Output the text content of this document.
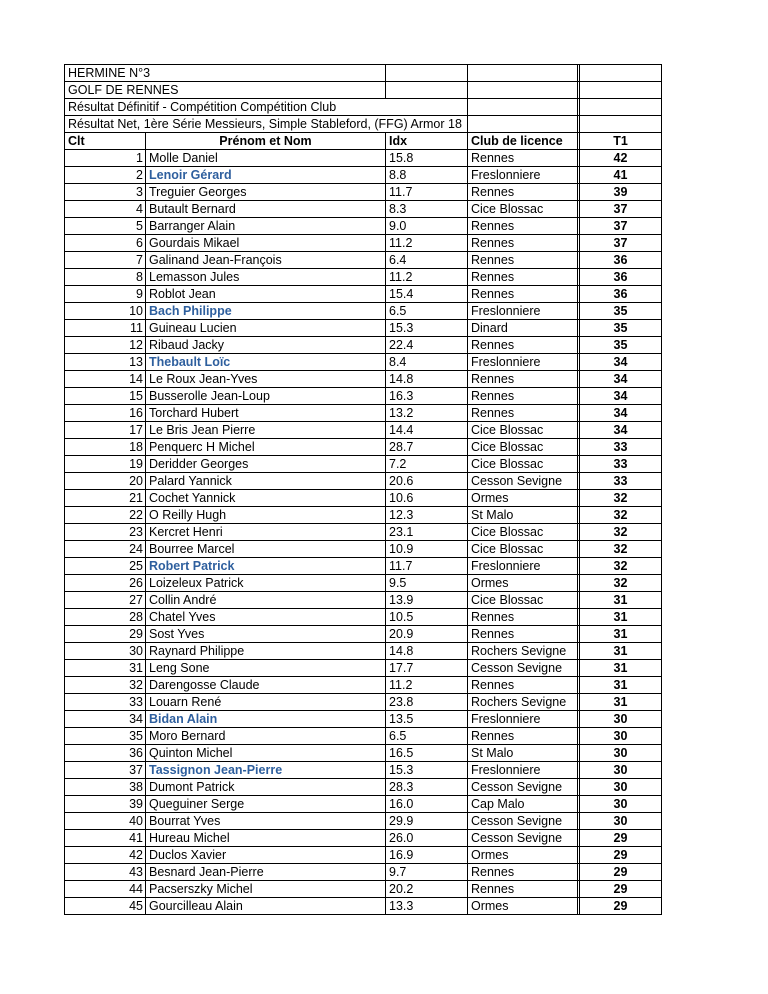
HERMINE N°3					
GOLF DE RENNES					
Résultat Définitif - Compétition Compétition Club					
Résultat Net, 1ère Série Messieurs, Simple Stableford, (FFG) Armor 18					
Clt	Prénom et Nom	Idx	Club de licence		T1
1	Molle Daniel	15.8	Rennes		42
2	Lenoir Gérard	8.8	Freslonniere		41
3	Treguier Georges	11.7	Rennes		39
4	Butault Bernard	8.3	Cice Blossac		37
5	Barranger Alain	9.0	Rennes		37
6	Gourdais Mikael	11.2	Rennes		37
7	Galinand Jean-François	6.4	Rennes		36
8	Lemasson Jules	11.2	Rennes		36
9	Roblot Jean	15.4	Rennes		36
10	Bach Philippe	6.5	Freslonniere		35
11	Guineau Lucien	15.3	Dinard		35
12	Ribaud Jacky	22.4	Rennes		35
13	Thebault Loïc	8.4	Freslonniere		34
14	Le Roux Jean-Yves	14.8	Rennes		34
15	Busserolle Jean-Loup	16.3	Rennes		34
16	Torchard Hubert	13.2	Rennes		34
17	Le Bris Jean Pierre	14.4	Cice Blossac		34
18	Penquerc H Michel	28.7	Cice Blossac		33
19	Deridder Georges	7.2	Cice Blossac		33
20	Palard Yannick	20.6	Cesson Sevigne		33
21	Cochet Yannick	10.6	Ormes		32
22	O Reilly Hugh	12.3	St Malo		32
23	Kercret Henri	23.1	Cice Blossac		32
24	Bourree Marcel	10.9	Cice Blossac		32
25	Robert Patrick	11.7	Freslonniere		32
26	Loizeleux Patrick	9.5	Ormes		32
27	Collin André	13.9	Cice Blossac		31
28	Chatel Yves	10.5	Rennes		31
29	Sost Yves	20.9	Rennes		31
30	Raynard Philippe	14.8	Rochers Sevigne		31
31	Leng Sone	17.7	Cesson Sevigne		31
32	Darengosse Claude	11.2	Rennes		31
33	Louarn René	23.8	Rochers Sevigne		31
34	Bidan Alain	13.5	Freslonniere		30
35	Moro Bernard	6.5	Rennes		30
36	Quinton Michel	16.5	St Malo		30
37	Tassignon Jean-Pierre	15.3	Freslonniere		30
38	Dumont Patrick	28.3	Cesson Sevigne		30
39	Queguiner Serge	16.0	Cap Malo		30
40	Bourrat Yves	29.9	Cesson Sevigne		30
41	Hureau Michel	26.0	Cesson Sevigne		29
42	Duclos Xavier	16.9	Ormes		29
43	Besnard Jean-Pierre	9.7	Rennes		29
44	Pacserszky Michel	20.2	Rennes		29
45	Gourcilleau Alain	13.3	Ormes		29
